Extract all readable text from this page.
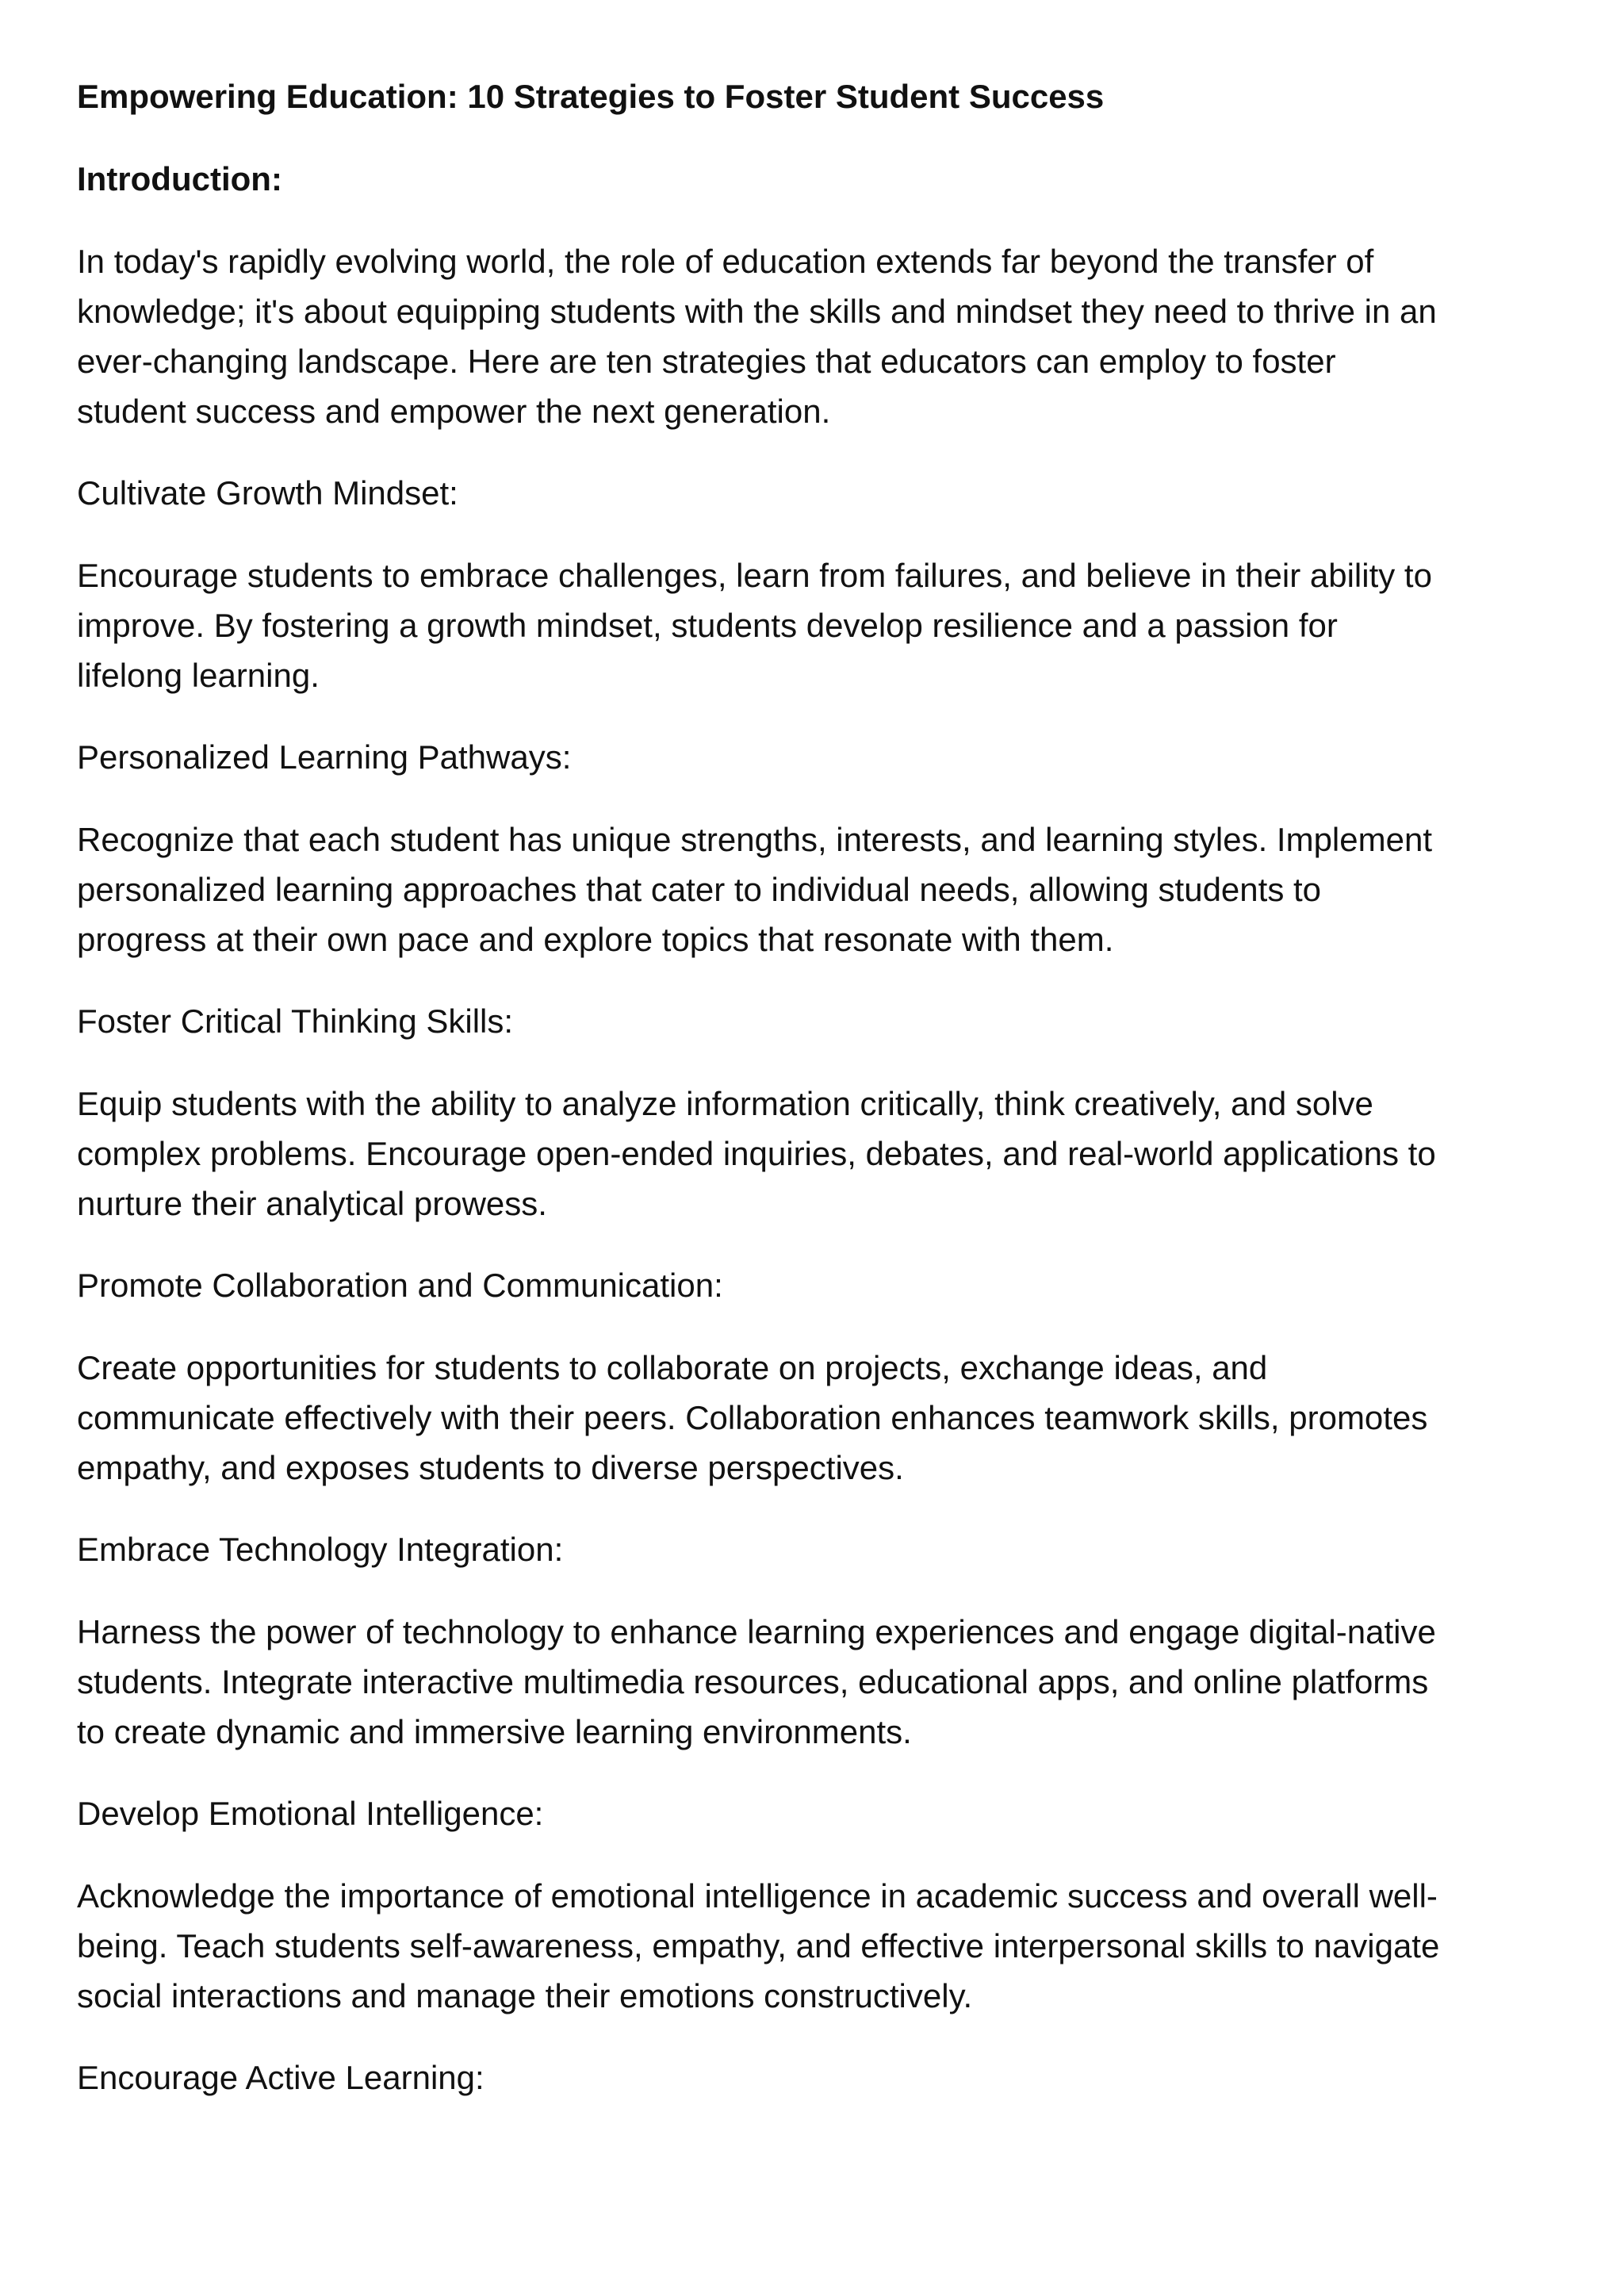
Empowering Education: 10 Strategies to Foster Student Success
Introduction:
In today's rapidly evolving world, the role of education extends far beyond the transfer of
knowledge; it's about equipping students with the skills and mindset they need to thrive in an
ever-changing landscape. Here are ten strategies that educators can employ to foster
student success and empower the next generation.
Cultivate Growth Mindset:
Encourage students to embrace challenges, learn from failures, and believe in their ability to
improve. By fostering a growth mindset, students develop resilience and a passion for
lifelong learning.
Personalized Learning Pathways:
Recognize that each student has unique strengths, interests, and learning styles. Implement
personalized learning approaches that cater to individual needs, allowing students to
progress at their own pace and explore topics that resonate with them.
Foster Critical Thinking Skills:
Equip students with the ability to analyze information critically, think creatively, and solve
complex problems. Encourage open-ended inquiries, debates, and real-world applications to
nurture their analytical prowess.
Promote Collaboration and Communication:
Create opportunities for students to collaborate on projects, exchange ideas, and
communicate effectively with their peers. Collaboration enhances teamwork skills, promotes
empathy, and exposes students to diverse perspectives.
Embrace Technology Integration:
Harness the power of technology to enhance learning experiences and engage digital-native
students. Integrate interactive multimedia resources, educational apps, and online platforms
to create dynamic and immersive learning environments.
Develop Emotional Intelligence:
Acknowledge the importance of emotional intelligence in academic success and overall well-
being. Teach students self-awareness, empathy, and effective interpersonal skills to navigate
social interactions and manage their emotions constructively.
Encourage Active Learning:
